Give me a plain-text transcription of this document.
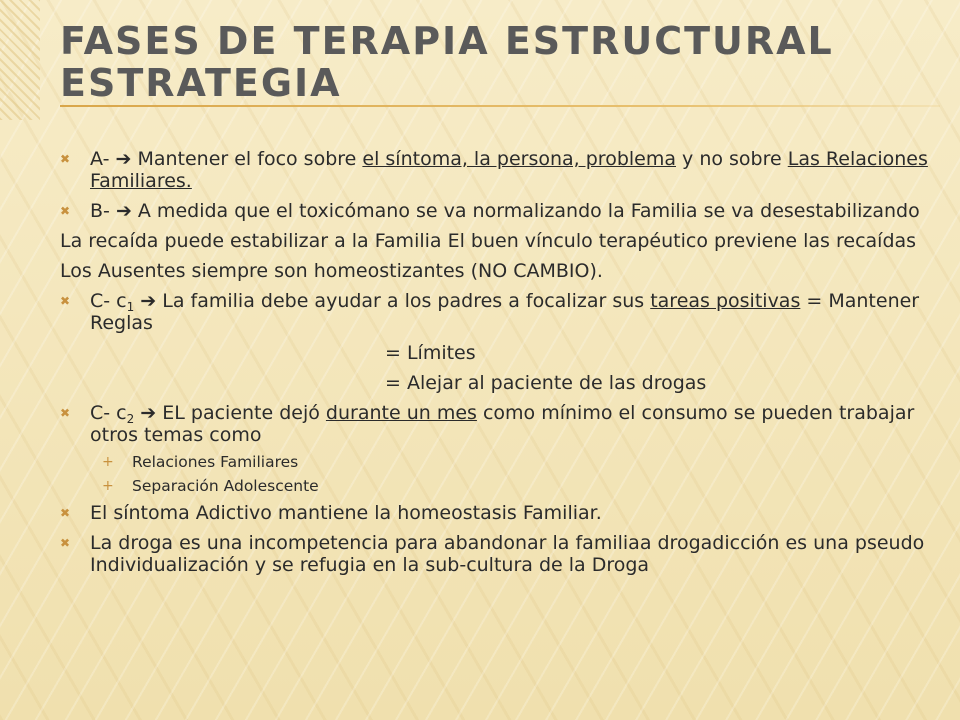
FASES DE TERAPIA ESTRUCTURAL ESTRATEGIA
✖	A- ➔ Mantener el foco sobre el síntoma, la persona, problema y no sobre Las Relaciones Familiares.
✖	B- ➔ A medida que el toxicómano se va normalizando la Familia se va desestabilizando
La recaída puede estabilizar a la Familia El buen vínculo terapéutico previene las recaídas
Los Ausentes siempre son homeostizantes (NO CAMBIO).
✖	C- $c_1$ ➔ La familia debe ayudar a los padres a focalizar sus tareas positivas = Mantener Reglas
= Límites
= Alejar al paciente de las drogas
✖	C- $c_2$ ➔ EL paciente dejó durante un mes como mínimo el consumo se pueden trabajar otros temas como
+	Relaciones Familiares
+	Separación Adolescente
✖	El síntoma Adictivo mantiene la homeostasis Familiar.
✖	La droga es una incompetencia para abandonar la familiaa drogadicción es una pseudo Individualización y se refugia en la sub-cultura de la Droga
